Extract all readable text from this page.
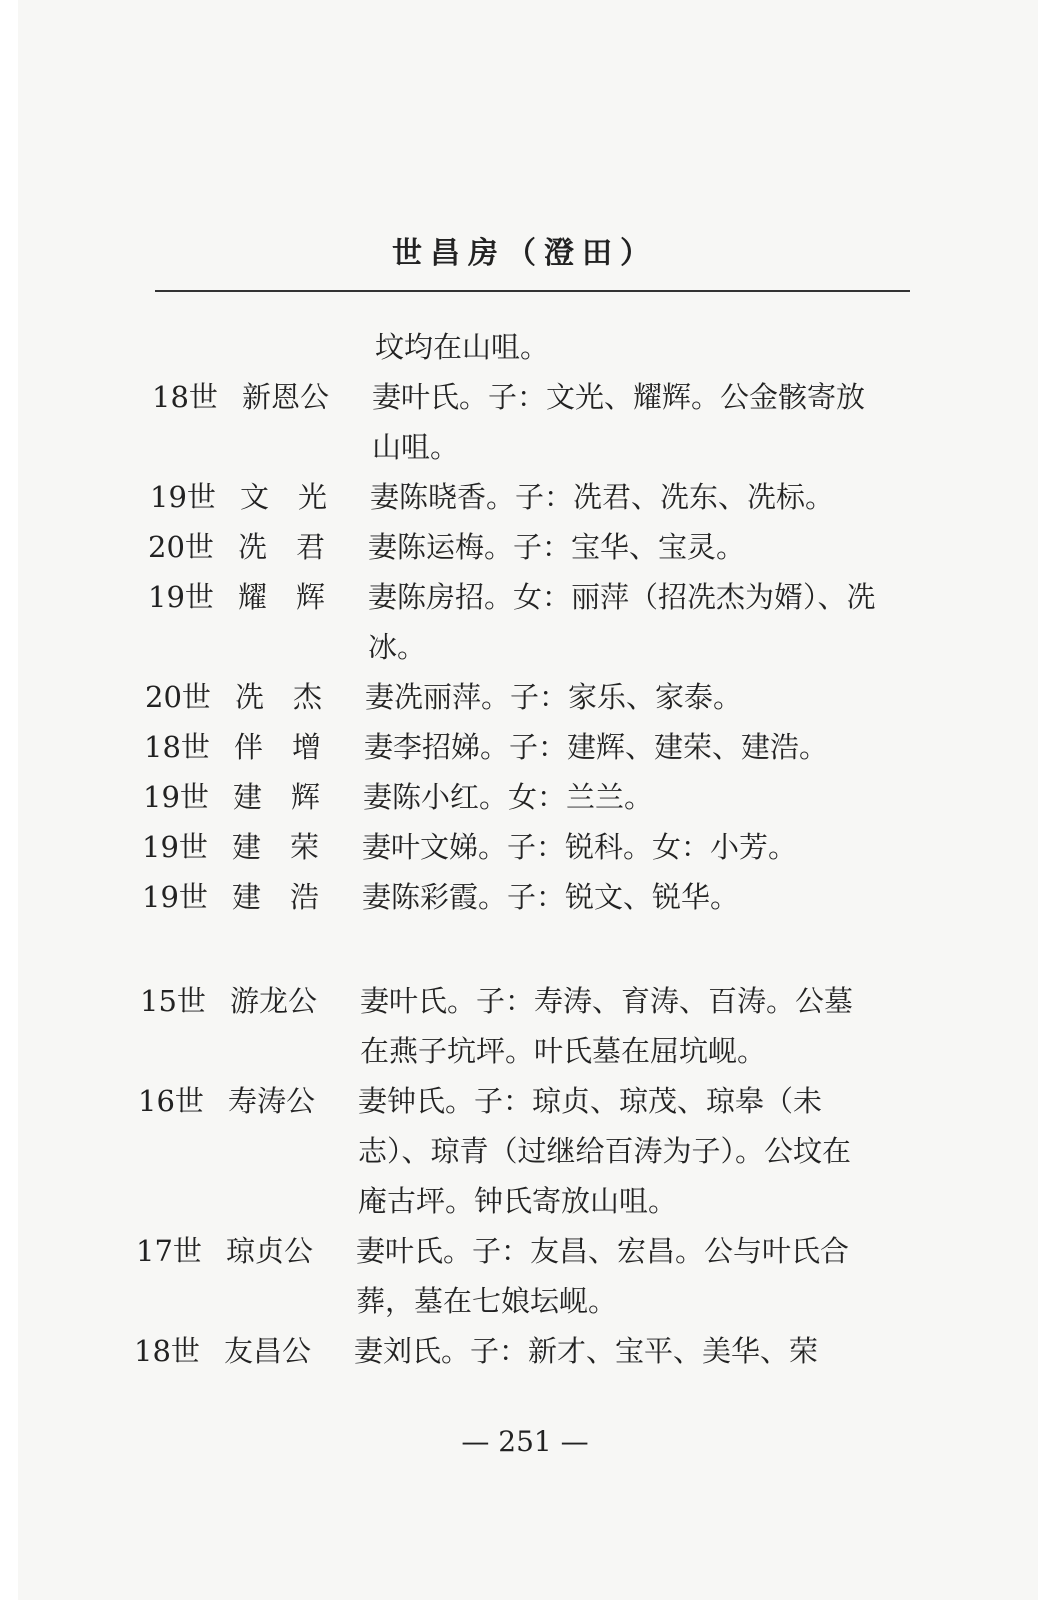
世昌房（澄田）
坟均在山咀。
18世 新恩公	妻叶氏。子：文光、耀辉。公金骸寄放山咀。
19世 文　光	妻陈晓香。子：冼君、冼东、冼标。
20世 冼　君	妻陈运梅。子：宝华、宝灵。
19世 耀　辉	妻陈房招。女：丽萍（招冼杰为婿）、冼冰。
20世 冼　杰	妻冼丽萍。子：家乐、家泰。
18世 伴　增	妻李招娣。子：建辉、建荣、建浩。
19世 建　辉	妻陈小红。女：兰兰。
19世 建　荣	妻叶文娣。子：锐科。女：小芳。
19世 建　浩	妻陈彩霞。子：锐文、锐华。
15世 游龙公	妻叶氏。子：寿涛、育涛、百涛。公墓在燕子坑坪。叶氏墓在屈坑岘。
16世 寿涛公	妻钟氏。子：琼贞、琼茂、琼皋（未志）、琼青（过继给百涛为子）。公坟在庵古坪。钟氏寄放山咀。
17世 琼贞公	妻叶氏。子：友昌、宏昌。公与叶氏合葬，墓在七娘坛岘。
18世 友昌公	妻刘氏。子：新才、宝平、美华、荣
— 251 —
